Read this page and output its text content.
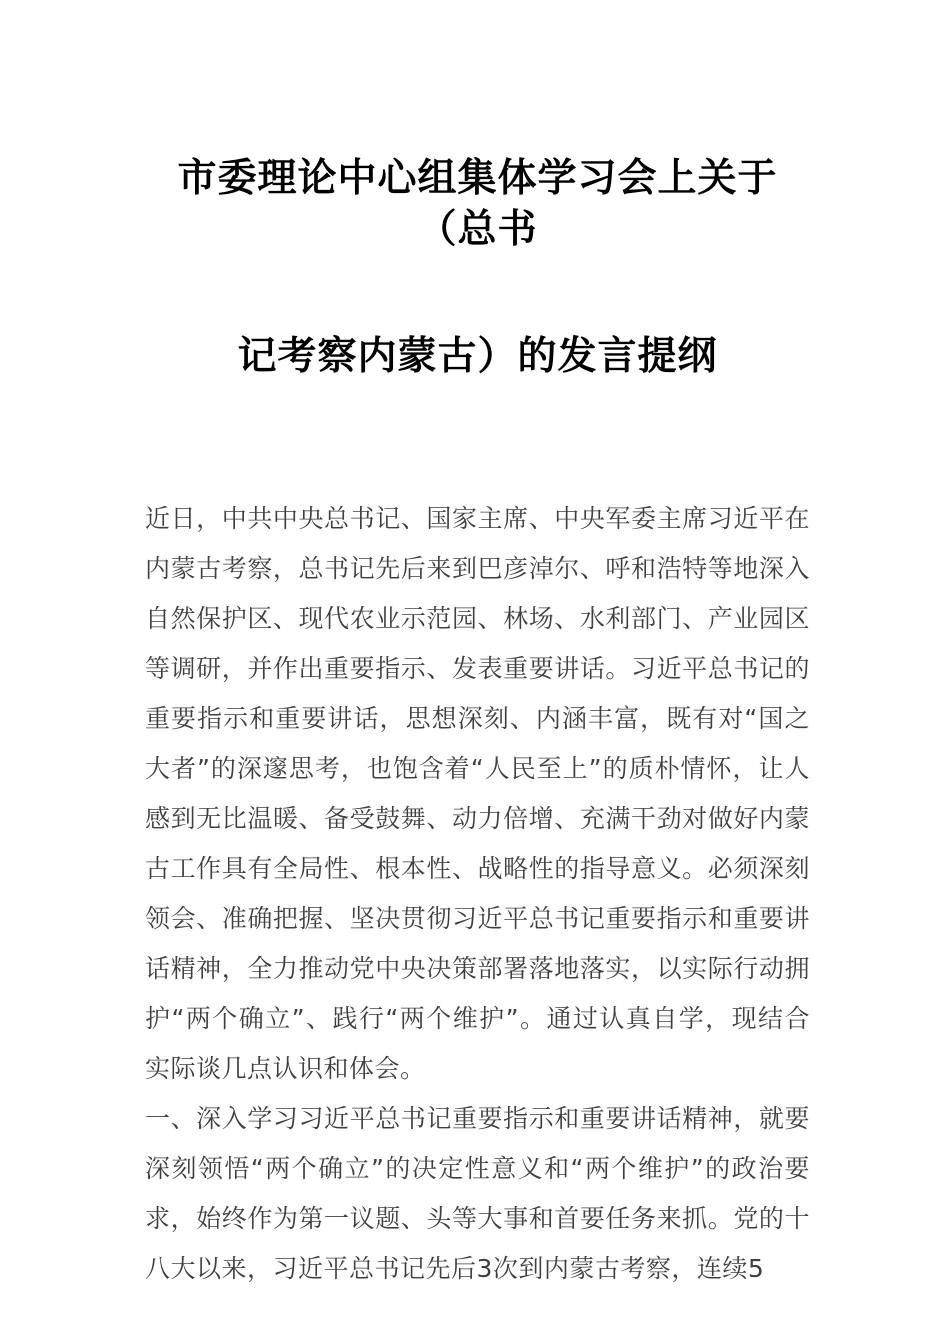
市委理论中心组集体学习会上关于（总书
记考察内蒙古）的发言提纲

近日，中共中央总书记、国家主席、中央军委主席习近平在内蒙古考察，总书记先后来到巴彦淖尔、呼和浩特等地深入自然保护区、现代农业示范园、林场、水利部门、产业园区等调研，并作出重要指示、发表重要讲话。习近平总书记的重要指示和重要讲话，思想深刻、内涵丰富，既有对“国之大者”的深邃思考，也饱含着“人民至上”的质朴情怀，让人感到无比温暖、备受鼓舞、动力倍增、充满干劲对做好内蒙古工作具有全局性、根本性、战略性的指导意义。必须深刻领会、准确把握、坚决贯彻习近平总书记重要指示和重要讲话精神，全力推动党中央决策部署落地落实，以实际行动拥护“两个确立”、践行“两个维护”。通过认真自学，现结合实际谈几点认识和体会。

一、深入学习习近平总书记重要指示和重要讲话精神，就要深刻领悟“两个确立”的决定性意义和“两个维护”的政治要求，始终作为第一议题、头等大事和首要任务来抓。党的十八大以来，习近平总书记先后3次到内蒙古考察，连续5
